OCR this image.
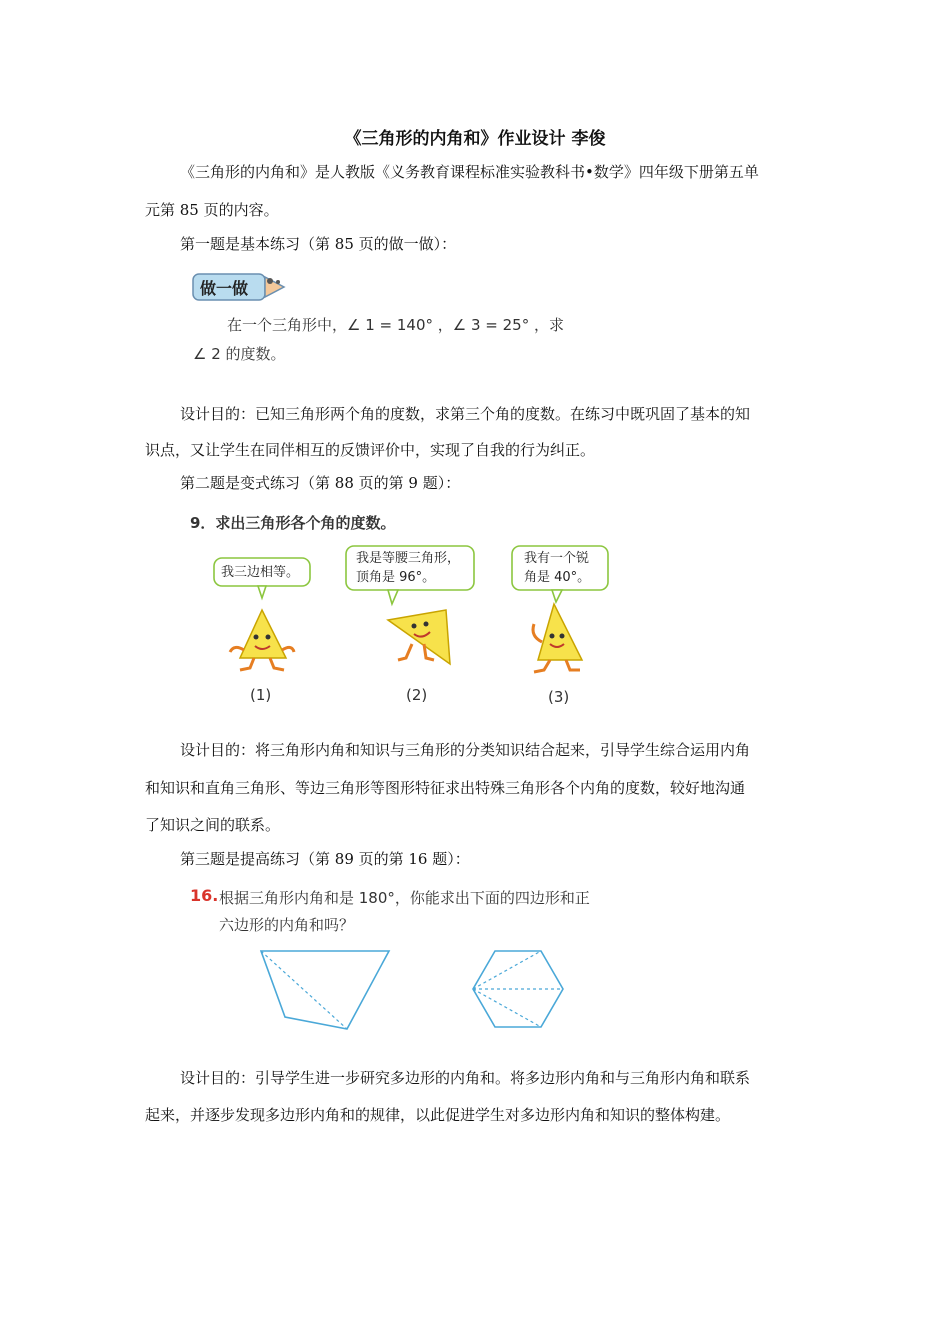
《三角形的内角和》作业设计 李俊
《三角形的内角和》是人教版《义务教育课程标准实验教科书•数学》四年级下册第五单
元第 85 页的内容。
第一题是基本练习（第 85 页的做一做）：
做一做
在一个三角形中，∠ 1 = 140° ，∠ 3 = 25° ，求
∠ 2 的度数。
设计目的：已知三角形两个角的度数，求第三个角的度数。在练习中既巩固了基本的知
识点，又让学生在同伴相互的反馈评价中，实现了自我的行为纠正。
第二题是变式练习（第 88 页的第 9 题）：
9．求出三角形各个角的度数。
我三边相等。
我是等腰三角形，
顶角是 96°。
我有一个锐
角是 40°。
(1)	(2)	(3)
设计目的：将三角形内角和知识与三角形的分类知识结合起来，引导学生综合运用内角
和知识和直角三角形、等边三角形等图形特征求出特殊三角形各个内角的度数，较好地沟通
了知识之间的联系。
第三题是提高练习（第 89 页的第 16 题）：
16. 根据三角形内角和是 180°，你能求出下面的四边形和正
六边形的内角和吗？
设计目的：引导学生进一步研究多边形的内角和。将多边形内角和与三角形内角和联系
起来，并逐步发现多边形内角和的规律，以此促进学生对多边形内角和知识的整体构建。
